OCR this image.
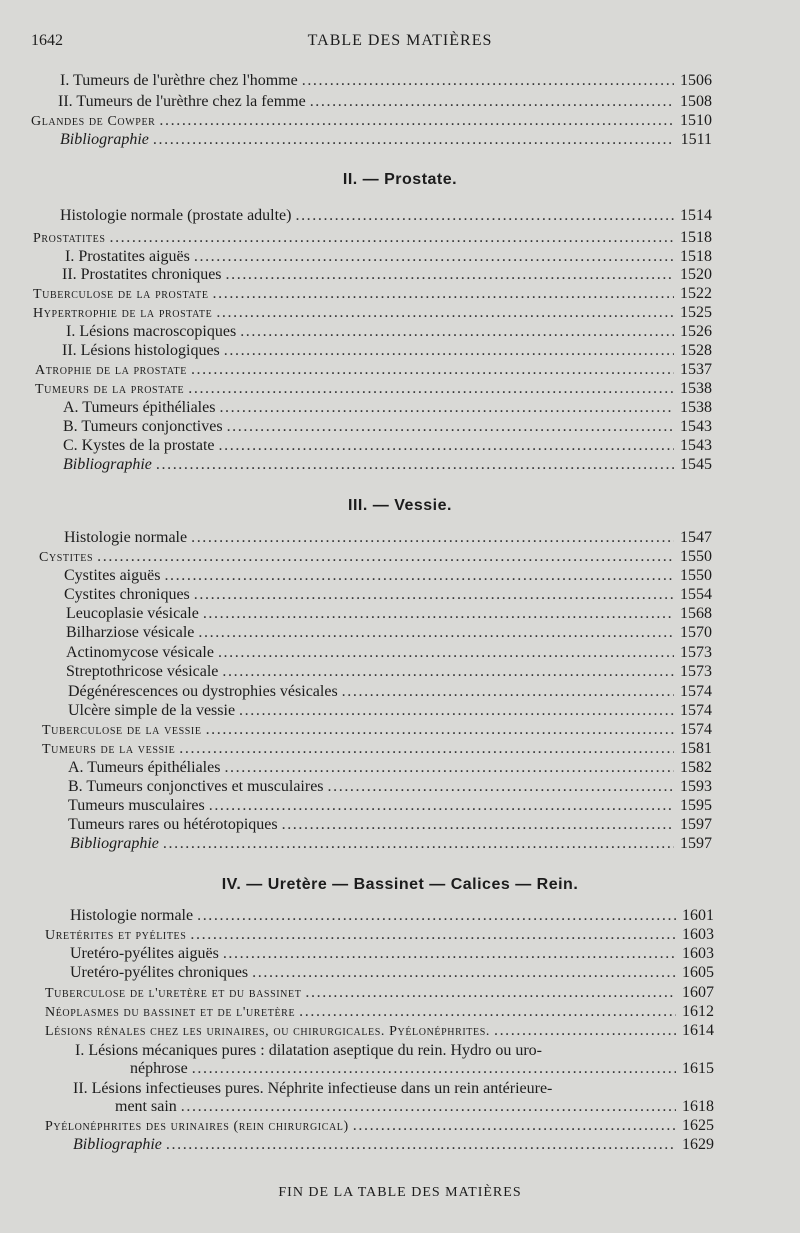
1642	TABLE DES MATIÈRES
I. Tumeurs de l'urèthre chez l'homme . . .	1506
II. Tumeurs de l'urèthre chez la femme . . .	1508
Glandes de Cowper . . .	1510
Bibliographie . . .	1511
Histologie normale (prostate adulte) . . .	1514
Prostatites . . .	1518
I. Prostatites aiguës . . .	1518
II. Prostatites chroniques . . .	1520
Tuberculose de la prostate . . .	1522
Hypertrophie de la prostate . . .	1525
I. Lésions macroscopiques . . .	1526
II. Lésions histologiques . . .	1528
Atrophie de la prostate . . .	1537
Tumeurs de la prostate . . .	1538
A. Tumeurs épithéliales . . .	1538
B. Tumeurs conjonctives . . .	1543
C. Kystes de la prostate . . .	1543
Bibliographie . . .	1545
Histologie normale . . .	1547
Cystites . . .	1550
Cystites aiguës . . .	1550
Cystites chroniques . . .	1554
Leucoplasie vésicale . . .	1568
Bilharziose vésicale . . .	1570
Actinomycose vésicale . . .	1573
Streptothricose vésicale . . .	1573
Dégénérescences ou dystrophies vésicales . . .	1574
Ulcère simple de la vessie . . .	1574
Tuberculose de la vessie . . .	1574
Tumeurs de la vessie . . .	1581
A. Tumeurs épithéliales . . .	1582
B. Tumeurs conjonctives et musculaires . . .	1593
Tumeurs musculaires . . .	1595
Tumeurs rares ou hétérotopiques . . .	1597
Bibliographie . . .	1597
Histologie normale . . .	1601
Uretérites et pyélites . . .	1603
Uretéro-pyélites aiguës . . .	1603
Uretéro-pyélites chroniques . . .	1605
Tuberculose de l'uretère et du bassinet . . .	1607
Néoplasmes du bassinet et de l'uretère . . .	1612
Lésions rénales chez les urinaires, ou chirurgicales. Pyélonéphrites. . . .	1614
I. Lésions mécaniques pures : dilatation aseptique du rein. Hydro ou uro-
néphrose . . .	1615
II. Lésions infectieuses pures. Néphrite infectieuse dans un rein antérieure-
ment sain . . .	1618
Pyélonéphrites des urinaires (rein chirurgical) . . .	1625
Bibliographie . . .	1629
II. — Prostate.
III. — Vessie.
IV. — Uretère — Bassinet — Calices — Rein.
FIN DE LA TABLE DES MATIÈRES
